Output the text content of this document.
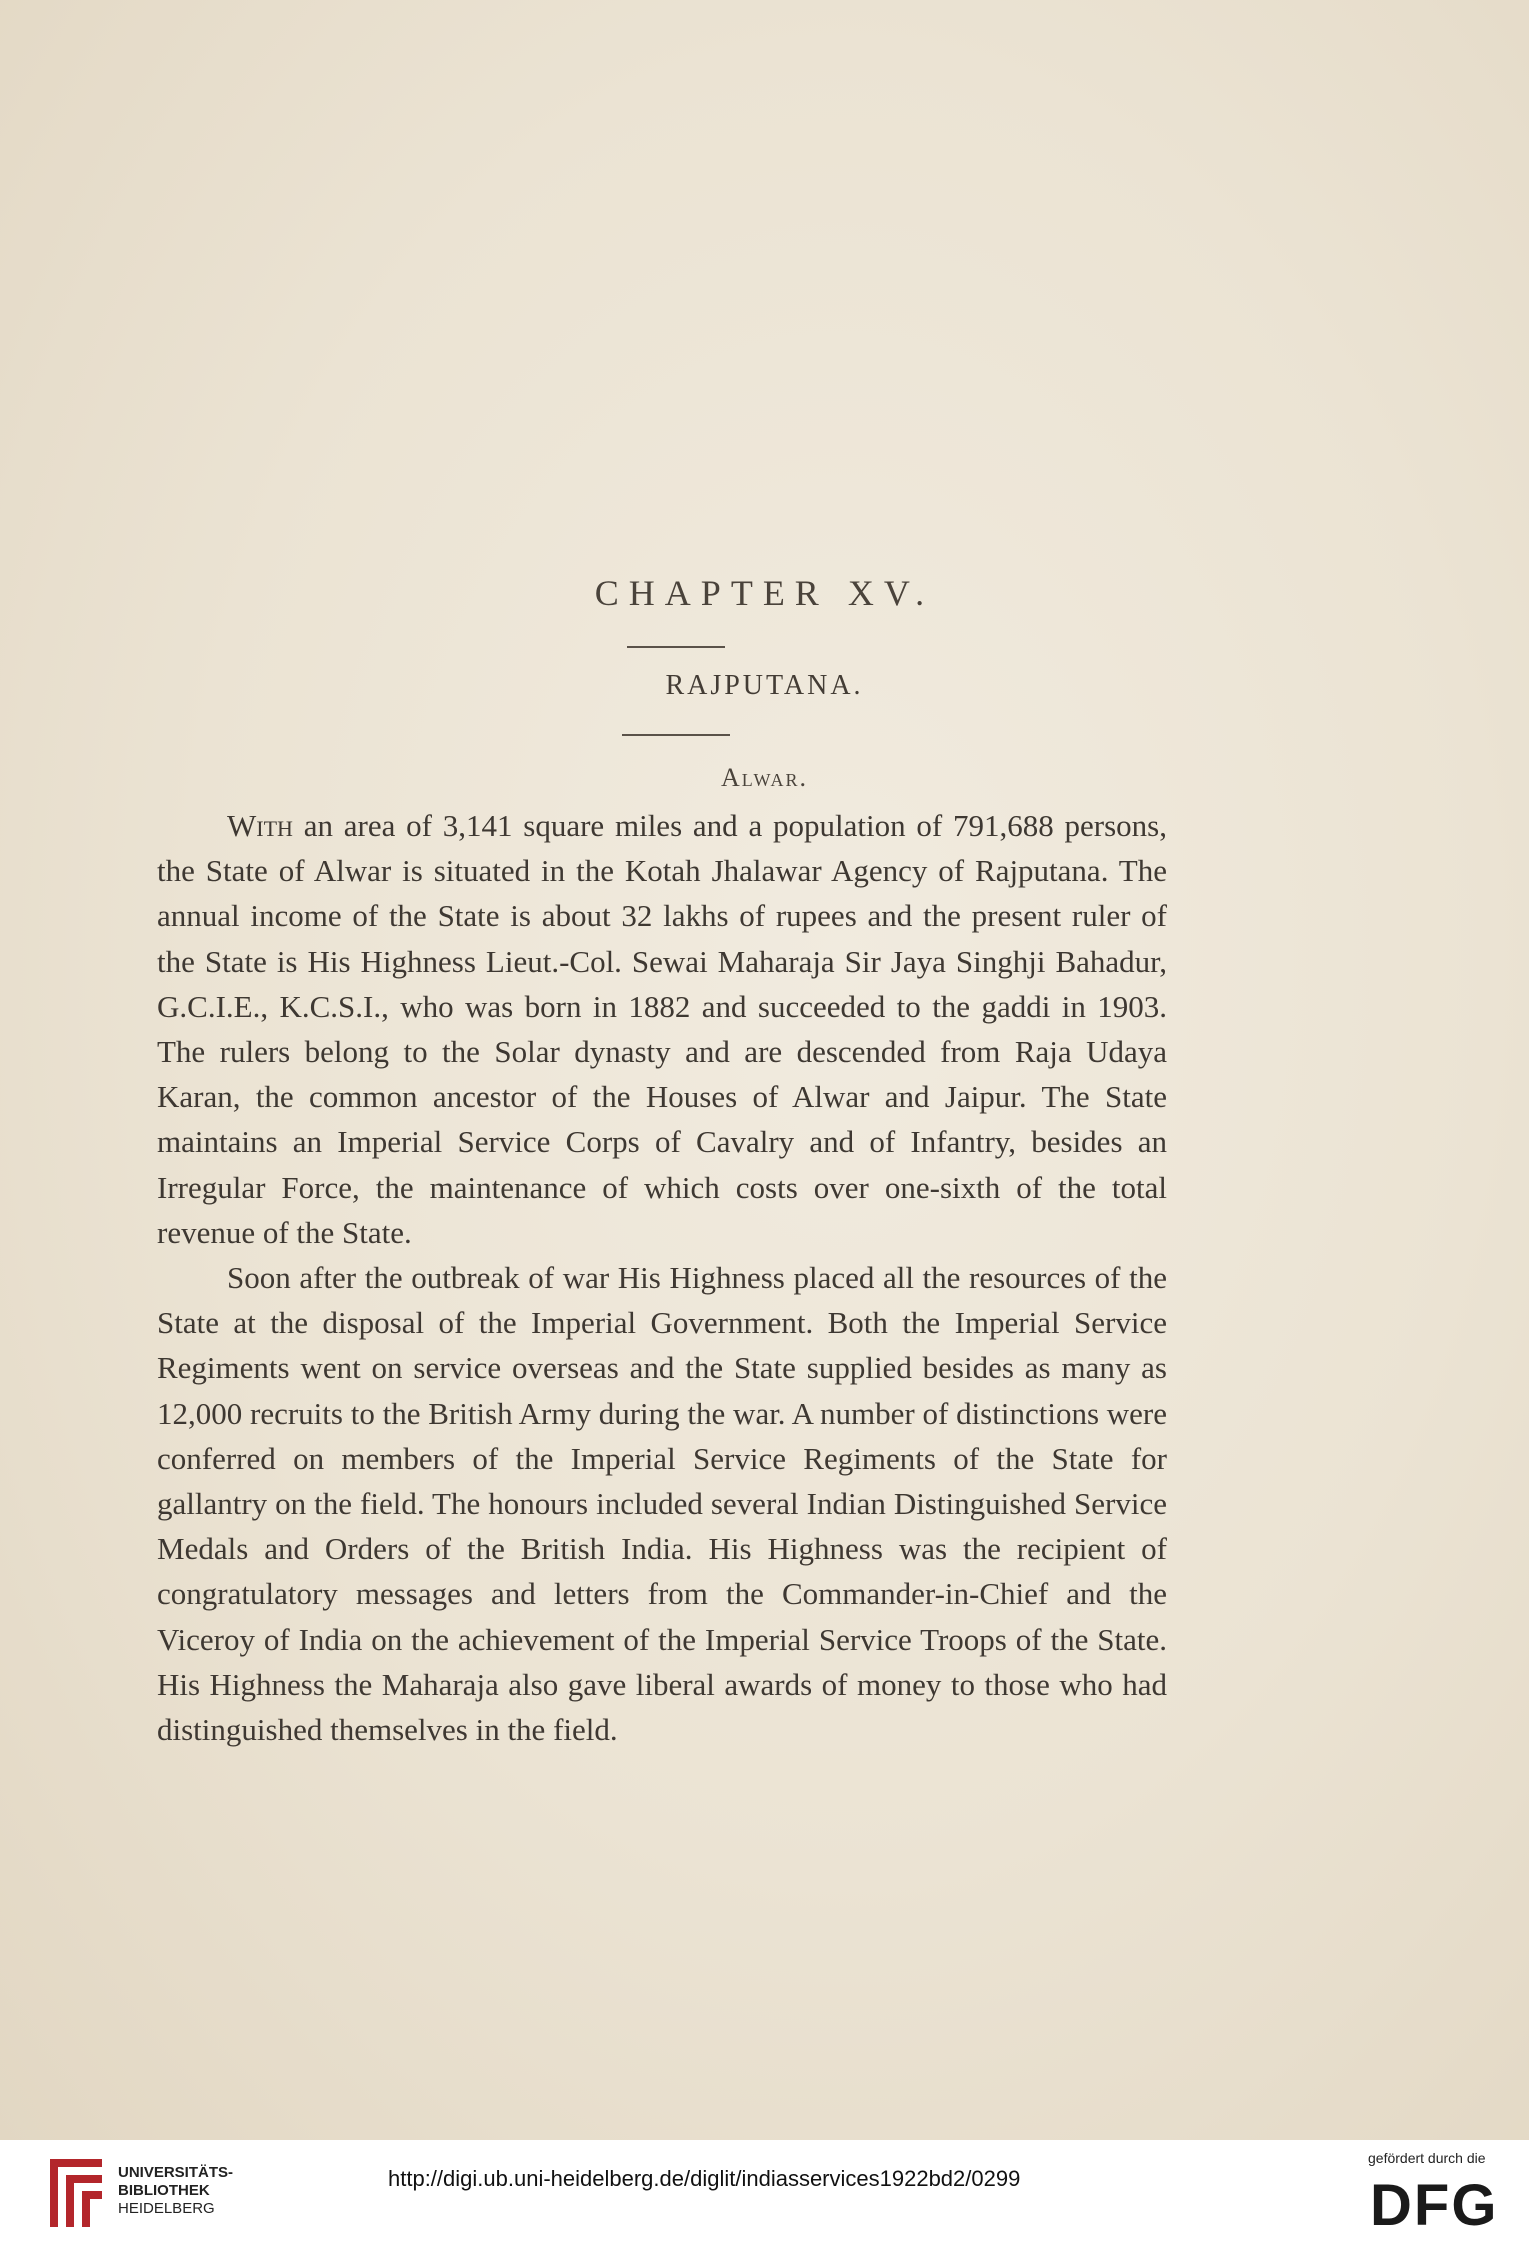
CHAPTER XV.
RAJPUTANA.
Alwar.

With an area of 3,141 square miles and a population of 791,688 persons, the State of Alwar is situated in the Kotah Jhalawar Agency of Rajputana. The annual income of the State is about 32 lakhs of rupees and the present ruler of the State is His Highness Lieut.-Col. Sewai Maharaja Sir Jaya Singhji Bahadur, G.C.I.E., K.C.S.I., who was born in 1882 and succeeded to the gaddi in 1903. The rulers belong to the Solar dynasty and are descended from Raja Udaya Karan, the common ancestor of the Houses of Alwar and Jaipur. The State maintains an Imperial Service Corps of Cavalry and of Infantry, besides an Irregular Force, the maintenance of which costs over one-sixth of the total revenue of the State.

Soon after the outbreak of war His Highness placed all the resources of the State at the disposal of the Imperial Government. Both the Imperial Service Regiments went on service overseas and the State supplied besides as many as 12,000 recruits to the British Army during the war. A number of distinctions were conferred on members of the Imperial Service Regiments of the State for gallantry on the field. The honours included several Indian Distinguished Service Medals and Orders of the British India. His Highness was the recipient of congratulatory messages and letters from the Commander-in-Chief and the Viceroy of India on the achievement of the Imperial Service Troops of the State. His Highness the Maharaja also gave liberal awards of money to those who had distinguished themselves in the field.

UNIVERSITÄTS-
BIBLIOTHEK
HEIDELBERG
http://digi.ub.uni-heidelberg.de/diglit/indiasservices1922bd2/0299
gefördert durch die
DFG
